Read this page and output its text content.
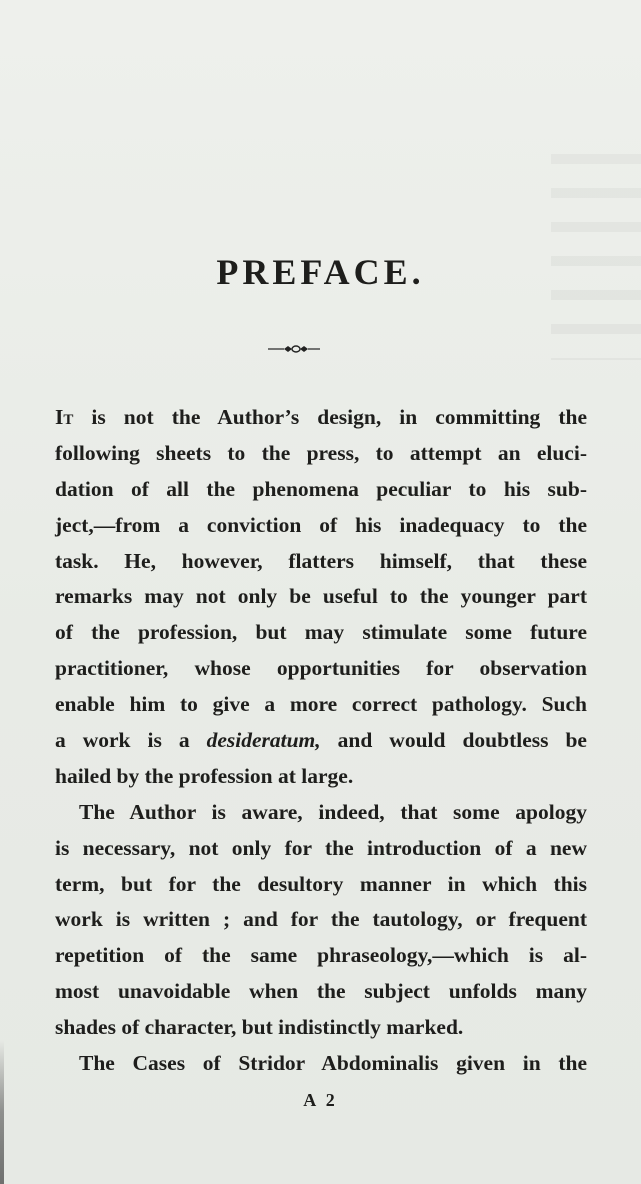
PREFACE.
It is not the Author’s design, in committing the
following sheets to the press, to attempt an eluci-
dation of all the phenomena peculiar to his sub-
ject,—from a conviction of his inadequacy to the
task. He, however, flatters himself, that these
remarks may not only be useful to the younger part
of the profession, but may stimulate some future
practitioner, whose opportunities for observation
enable him to give a more correct pathology. Such
a work is a desideratum, and would doubtless be
hailed by the profession at large.
The Author is aware, indeed, that some apology
is necessary, not only for the introduction of a new
term, but for the desultory manner in which this
work is written ; and for the tautology, or frequent
repetition of the same phraseology,—which is al-
most unavoidable when the subject unfolds many
shades of character, but indistinctly marked.
The Cases of Stridor Abdominalis given in the
A 2
